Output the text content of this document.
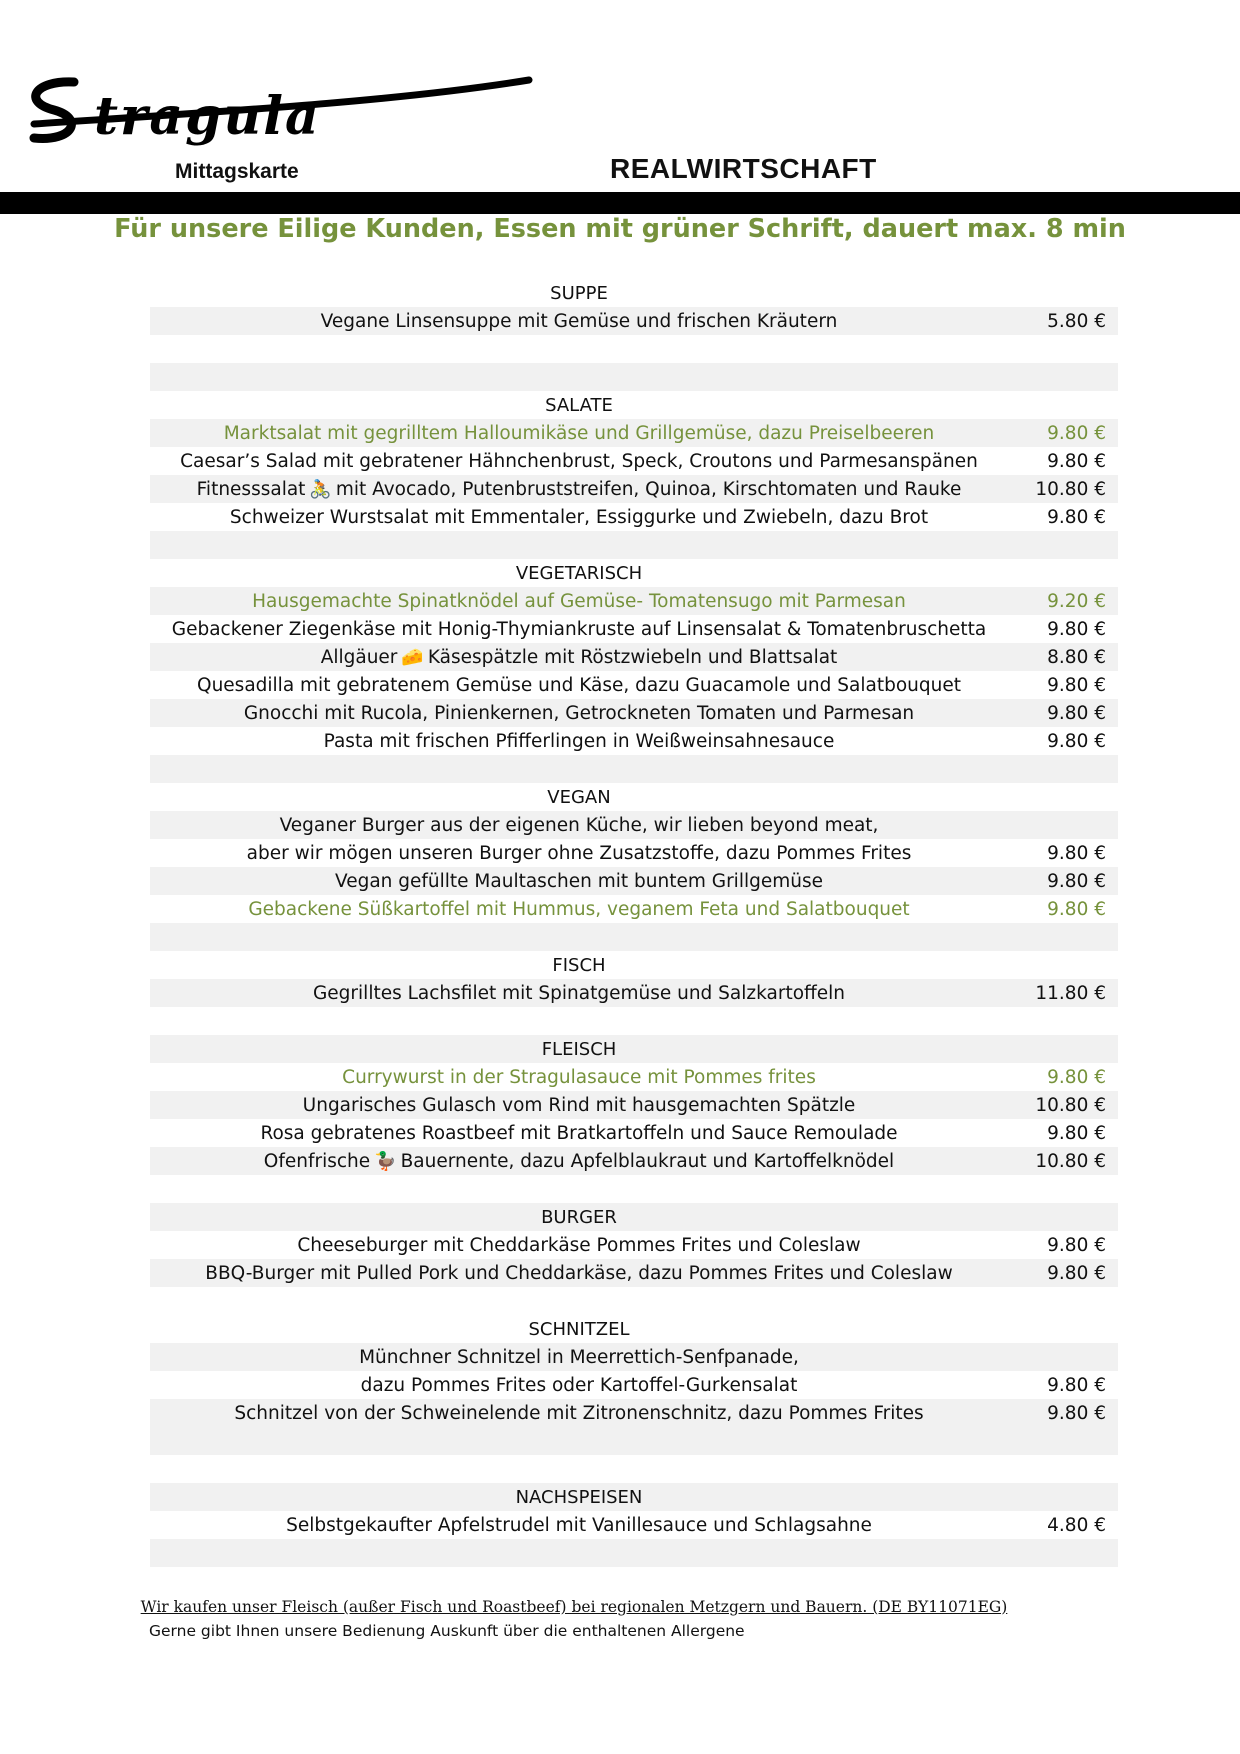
tragula
Mittagskarte	REALWIRTSCHAFT
Für unsere Eilige Kunden, Essen mit grüner Schrift, dauert max. 8 min
SUPPE
Vegane Linsensuppe mit Gemüse und frischen Kräutern	5.80 €
SALATE
Marktsalat mit gegrilltem Halloumikäse und Grillgemüse, dazu Preiselbeeren	9.80 €
Caesar’s Salad mit gebratener Hähnchenbrust, Speck, Croutons und Parmesanspänen	9.80 €
Fitnesssalat 🚴 mit Avocado, Putenbruststreifen, Quinoa, Kirschtomaten und Rauke	10.80 €
Schweizer Wurstsalat mit Emmentaler, Essiggurke und Zwiebeln, dazu Brot	9.80 €
VEGETARISCH
Hausgemachte Spinatknödel auf Gemüse- Tomatensugo mit Parmesan	9.20 €
Gebackener Ziegenkäse mit Honig-Thymiankruste auf Linsensalat & Tomatenbruschetta	9.80 €
Allgäuer 🧀 Käsespätzle mit Röstzwiebeln und Blattsalat	8.80 €
Quesadilla mit gebratenem Gemüse und Käse, dazu Guacamole und Salatbouquet	9.80 €
Gnocchi mit Rucola, Pinienkernen, Getrockneten Tomaten und Parmesan	9.80 €
Pasta mit frischen Pfifferlingen in Weißweinsahnesauce	9.80 €
VEGAN
Veganer Burger aus der eigenen Küche, wir lieben beyond meat,
aber wir mögen unseren Burger ohne Zusatzstoffe, dazu Pommes Frites	9.80 €
Vegan gefüllte Maultaschen mit buntem Grillgemüse	9.80 €
Gebackene Süßkartoffel mit Hummus, veganem Feta und Salatbouquet	9.80 €
FISCH
Gegrilltes Lachsfilet mit Spinatgemüse und Salzkartoffeln	11.80 €
FLEISCH
Currywurst in der Stragulasauce mit Pommes frites	9.80 €
Ungarisches Gulasch vom Rind mit hausgemachten Spätzle	10.80 €
Rosa gebratenes Roastbeef mit Bratkartoffeln und Sauce Remoulade	9.80 €
Ofenfrische 🦆 Bauernente, dazu Apfelblaukraut und Kartoffelknödel	10.80 €
BURGER
Cheeseburger mit Cheddarkäse Pommes Frites und Coleslaw	9.80 €
BBQ-Burger mit Pulled Pork und Cheddarkäse, dazu Pommes Frites und Coleslaw	9.80 €
SCHNITZEL
Münchner Schnitzel in Meerrettich-Senfpanade,
dazu Pommes Frites oder Kartoffel-Gurkensalat	9.80 €
Schnitzel von der Schweinelende mit Zitronenschnitz, dazu Pommes Frites	9.80 €
NACHSPEISEN
Selbstgekaufter Apfelstrudel mit Vanillesauce und Schlagsahne	4.80 €
Wir kaufen unser Fleisch (außer Fisch und Roastbeef) bei regionalen Metzgern und Bauern. (DE BY11071EG)
Gerne gibt Ihnen unsere Bedienung Auskunft über die enthaltenen Allergene
